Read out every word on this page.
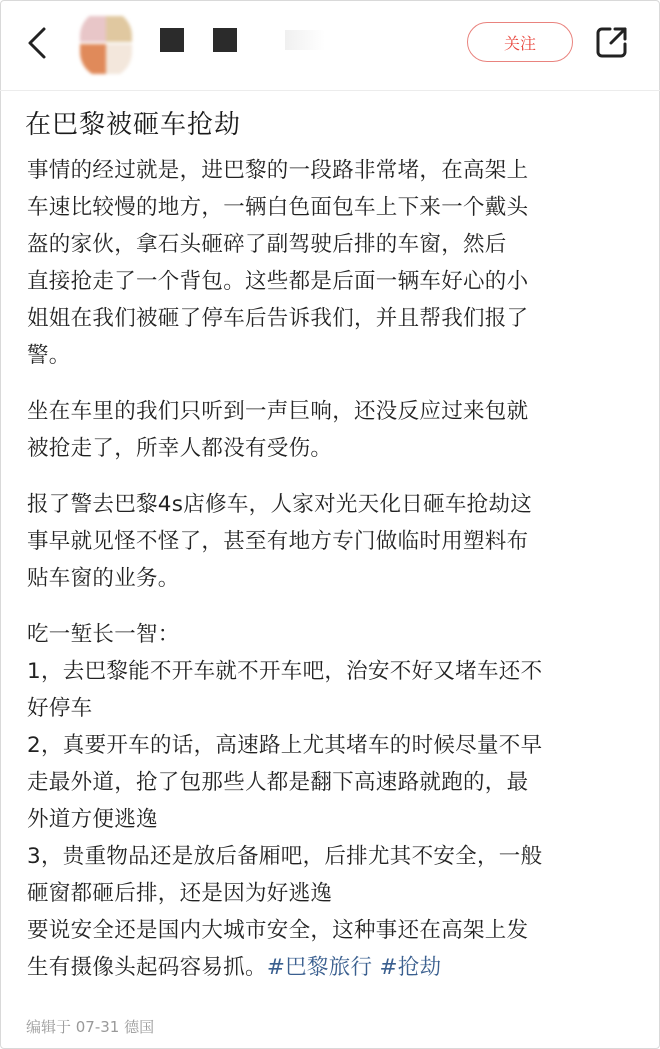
关注
在巴黎被砸车抢劫

事情的经过就是，进巴黎的一段路非常堵，在高架上

车速比较慢的地方，一辆白色面包车上下来一个戴头

盔的家伙，拿石头砸碎了副驾驶后排的车窗，然后

直接抢走了一个背包。这些都是后面一辆车好心的小

姐姐在我们被砸了停车后告诉我们，并且帮我们报了

警。

坐在车里的我们只听到一声巨响，还没反应过来包就

被抢走了，所幸人都没有受伤。

报了警去巴黎4s店修车，人家对光天化日砸车抢劫这

事早就见怪不怪了，甚至有地方专门做临时用塑料布

贴车窗的业务。

吃一堑长一智：

1，去巴黎能不开车就不开车吧，治安不好又堵车还不

好停车

2，真要开车的话，高速路上尤其堵车的时候尽量不早

走最外道，抢了包那些人都是翻下高速路就跑的，最

外道方便逃逸

3，贵重物品还是放后备厢吧，后排尤其不安全，一般

砸窗都砸后排，还是因为好逃逸

要说安全还是国内大城市安全，这种事还在高架上发

生有摄像头起码容易抓。#巴黎旅行 #抢劫

编辑于 07-31 德国
